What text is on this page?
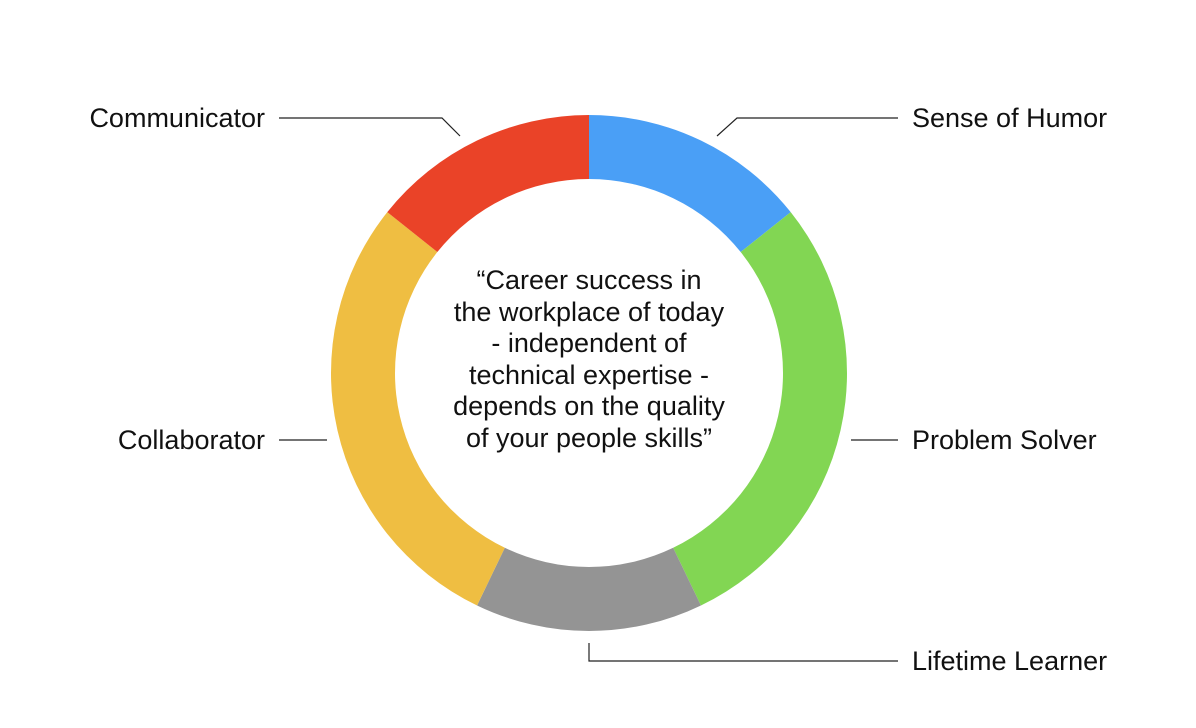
Communicator	Sense of Humor
Collaborator	Problem Solver
Lifetime Learner

“Career success in
the workplace of today
- independent of
technical expertise -
depends on the quality
of your people skills”
